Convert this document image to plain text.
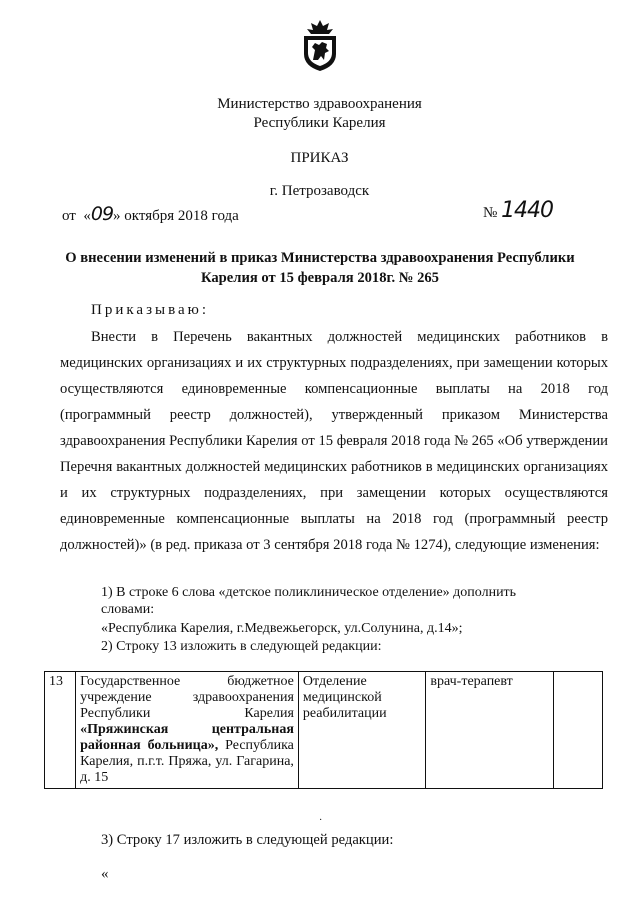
Министерство здравоохранения
Республики Карелия
ПРИКАЗ
г. Петрозаводск
от «09» октября 2018 года	№ 1440
О внесении изменений в приказ Министерства здравоохранения Республики
Карелия от 15 февраля 2018г. № 265
Приказываю:

Внести в Перечень вакантных должностей медицинских работников в медицинских организациях и их структурных подразделениях, при замещении которых осуществляются единовременные компенсационные выплаты на 2018 год (программный реестр должностей), утвержденный приказом Министерства здравоохранения Республики Карелия от 15 февраля 2018 года № 265 «Об утверждении Перечня вакантных должностей медицинских работников в медицинских организациях и их структурных подразделениях, при замещении которых осуществляются единовременные компенсационные выплаты на 2018 год (программный реестр должностей)» (в ред. приказа от 3 сентября 2018 года № 1274), следующие изменения:

1) В строке 6 слова «детское поликлиническое отделение» дополнить
словами:
«Республика Карелия, г.Медвежьегорск, ул.Солунина, д.14»;
2) Строку 13 изложить в следующей редакции:
13	Государственное бюджетное учреждение здравоохранения Республики Карелия «Пряжинская центральная районная больница», Республика Карелия, п.г.т. Пряжа, ул. Гагарина, д. 15	Отделение медицинской реабилитации	врач-терапевт	
·
3) Строку 17 изложить в следующей редакции:
«
